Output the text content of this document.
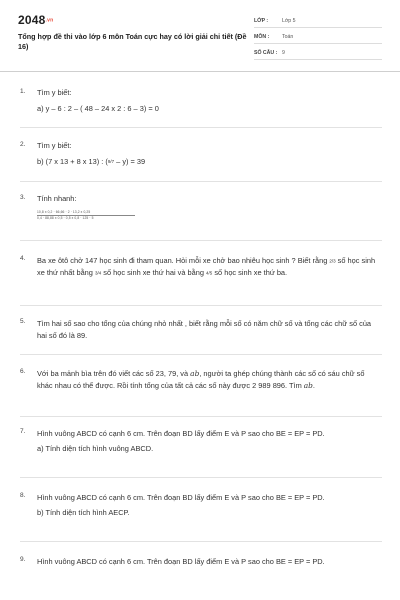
2048.vn
Tổng hợp đề thi vào lớp 6 môn Toán cực hay có lời giải chi tiết (Đề 16)
LỚP :	Lớp 5
MÔN :	Toán
SỐ CÂU : 9
1. Tìm y biết:
a) y – 6 : 2 – ( 48 – 24 x 2 : 6 – 3) = 0
2. Tìm y biết:
b) (7 x 13 + 8 x 13) : (9/7 – y) = 39
3. Tính nhanh:
10,8 x 0,2 · 66,66 · 2 · 13,2 x 0,25
0,4 · 88,88 x 0,5 · 0,5 x 0,8 · 125 · 5
4. Ba xe ôtô chở 147 học sinh đi tham quan. Hỏi mỗi xe chở bao nhiêu học sinh ? Biết rằng 2/3 số học sinh xe thứ nhất bằng 3/4 số học sinh xe thứ hai và bằng 4/5 số học sinh xe thứ ba.
5. Tìm hai số sao cho tổng của chúng nhỏ nhất , biết rằng mỗi số có năm chữ số và tổng các chữ số của hai số đó là 89.
6. Với ba mảnh bìa trên đó viết các số 23, 79, và ab, người ta ghép chúng thành các số có sáu chữ số khác nhau có thể được. Rồi tính tổng của tất cả các số này được 2 989 896. Tìm ab.
7. Hình vuông ABCD có cạnh 6 cm. Trên đoạn BD lấy điểm E và P sao cho BE = EP = PD.
a) Tính diện tích hình vuông ABCD.
8. Hình vuông ABCD có cạnh 6 cm. Trên đoạn BD lấy điểm E và P sao cho BE = EP = PD.
b) Tính diện tích hình AECP.
9. Hình vuông ABCD có cạnh 6 cm. Trên đoạn BD lấy điểm E và P sao cho BE = EP = PD.
